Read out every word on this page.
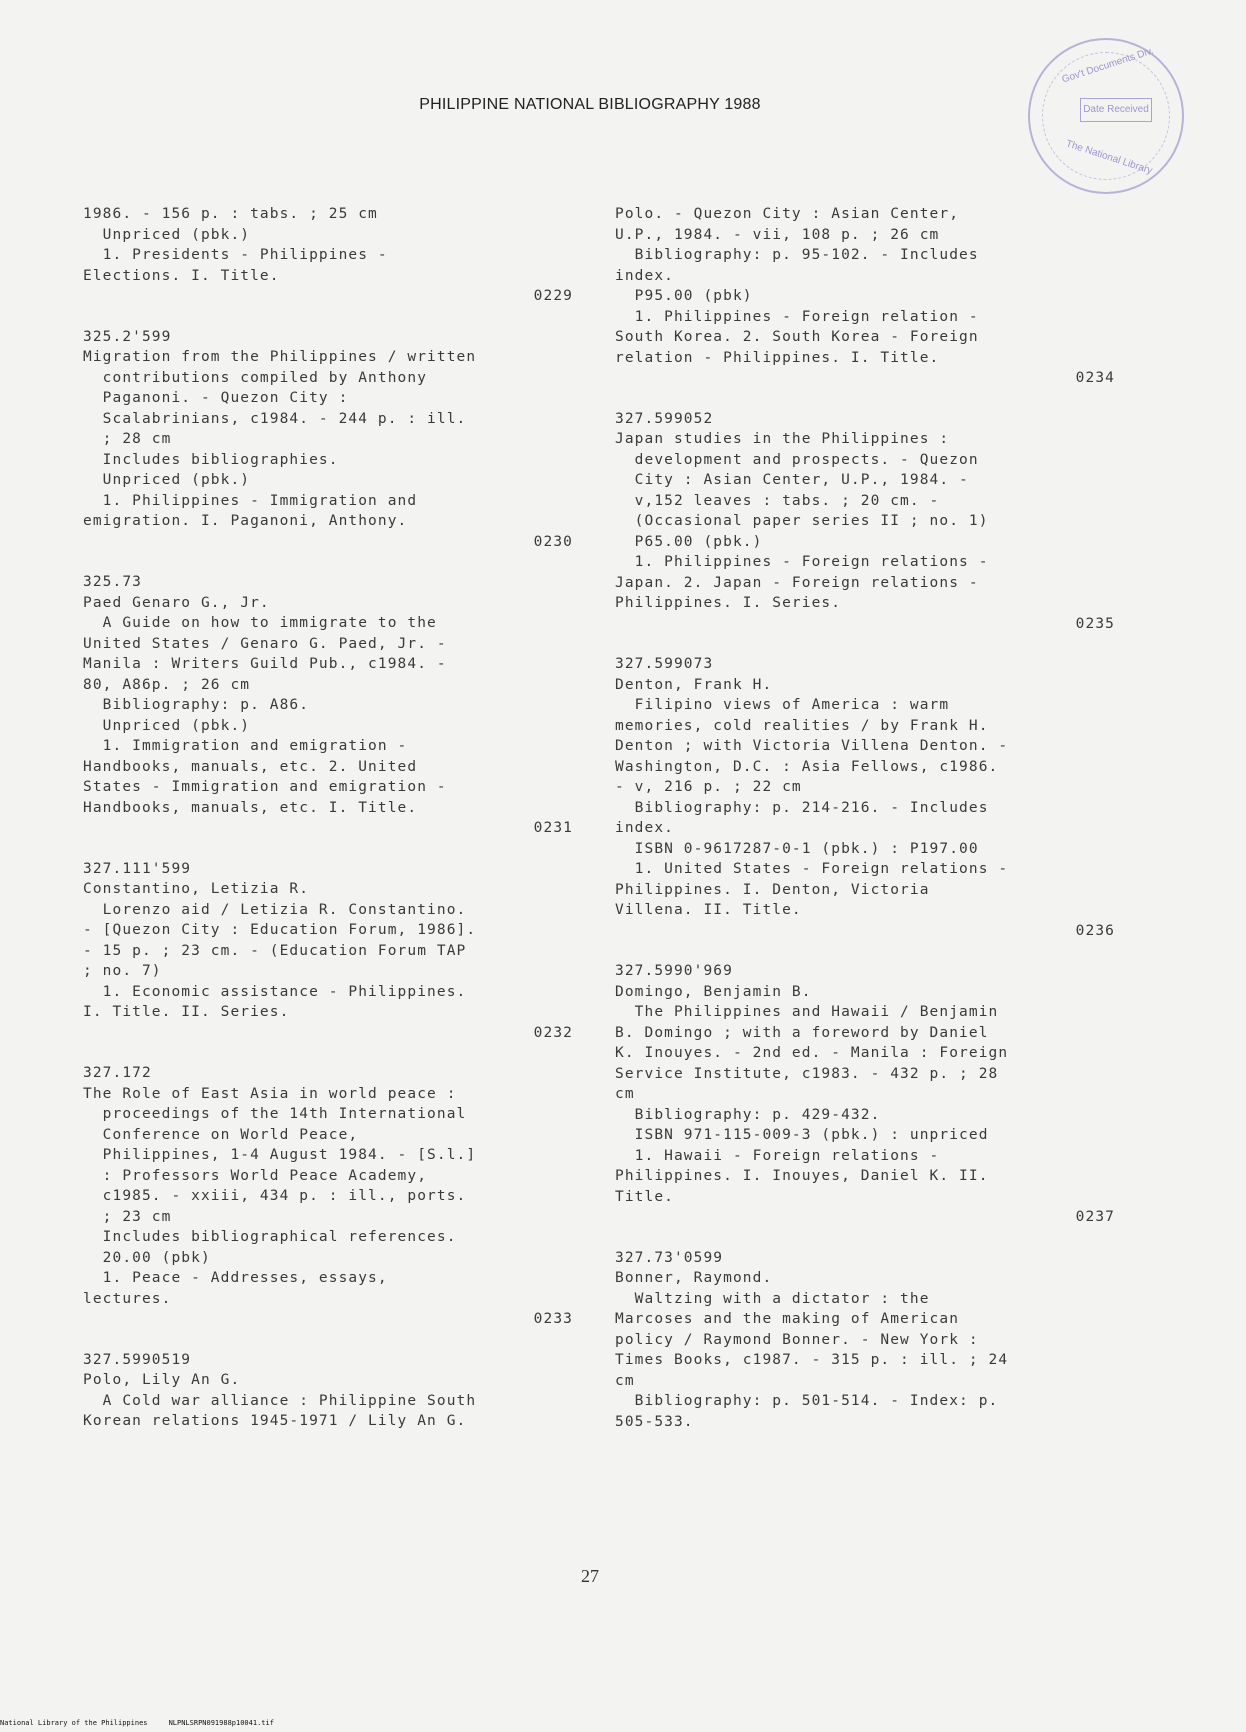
PHILIPPINE NATIONAL BIBLIOGRAPHY 1988
Gov't Documents Div.
Date Received
The National Library
1986. - 156 p. : tabs. ; 25 cm
Unpriced (pbk.)
1. Presidents - Philippines -
Elections. I. Title.
0229
325.2'599
Migration from the Philippines / written
contributions compiled by Anthony
Paganoni. - Quezon City :
Scalabrinians, c1984. - 244 p. : ill.
; 28 cm
Includes bibliographies.
Unpriced (pbk.)
1. Philippines - Immigration and
emigration. I. Paganoni, Anthony.
0230
325.73
Paed Genaro G., Jr.
A Guide on how to immigrate to the
United States / Genaro G. Paed, Jr. -
Manila : Writers Guild Pub., c1984. -
80, A86p. ; 26 cm
Bibliography: p. A86.
Unpriced (pbk.)
1. Immigration and emigration -
Handbooks, manuals, etc. 2. United
States - Immigration and emigration -
Handbooks, manuals, etc. I. Title.
0231
327.111'599
Constantino, Letizia R.
Lorenzo aid / Letizia R. Constantino.
- [Quezon City : Education Forum, 1986].
- 15 p. ; 23 cm. - (Education Forum TAP
; no. 7)
1. Economic assistance - Philippines.
I. Title. II. Series.
0232
327.172
The Role of East Asia in world peace :
proceedings of the 14th International
Conference on World Peace,
Philippines, 1-4 August 1984. - [S.l.]
: Professors World Peace Academy,
c1985. - xxiii, 434 p. : ill., ports.
; 23 cm
Includes bibliographical references.
20.00 (pbk)
1. Peace - Addresses, essays,
lectures.
0233
327.5990519
Polo, Lily An G.
A Cold war alliance : Philippine South
Korean relations 1945-1971 / Lily An G.
Polo. - Quezon City : Asian Center,
U.P., 1984. - vii, 108 p. ; 26 cm
Bibliography: p. 95-102. - Includes
index.
P95.00 (pbk)
1. Philippines - Foreign relation -
South Korea. 2. South Korea - Foreign
relation - Philippines. I. Title.
0234
327.599052
Japan studies in the Philippines :
development and prospects. - Quezon
City : Asian Center, U.P., 1984. -
v,152 leaves : tabs. ; 20 cm. -
(Occasional paper series II ; no. 1)
P65.00 (pbk.)
1. Philippines - Foreign relations -
Japan. 2. Japan - Foreign relations -
Philippines. I. Series.
0235
327.599073
Denton, Frank H.
Filipino views of America : warm
memories, cold realities / by Frank H.
Denton ; with Victoria Villena Denton. -
Washington, D.C. : Asia Fellows, c1986.
- v, 216 p. ; 22 cm
Bibliography: p. 214-216. - Includes
index.
ISBN 0-9617287-0-1 (pbk.) : P197.00
1. United States - Foreign relations -
Philippines. I. Denton, Victoria
Villena. II. Title.
0236
327.5990'969
Domingo, Benjamin B.
The Philippines and Hawaii / Benjamin
B. Domingo ; with a foreword by Daniel
K. Inouyes. - 2nd ed. - Manila : Foreign
Service Institute, c1983. - 432 p. ; 28
cm
Bibliography: p. 429-432.
ISBN 971-115-009-3 (pbk.) : unpriced
1. Hawaii - Foreign relations -
Philippines. I. Inouyes, Daniel K. II.
Title.
0237
327.73'0599
Bonner, Raymond.
Waltzing with a dictator : the
Marcoses and the making of American
policy / Raymond Bonner. - New York :
Times Books, c1987. - 315 p. : ill. ; 24
cm
Bibliography: p. 501-514. - Index: p.
505-533.
27
National Library of the Philippines     NLPNLSRPN091988p10041.tif
